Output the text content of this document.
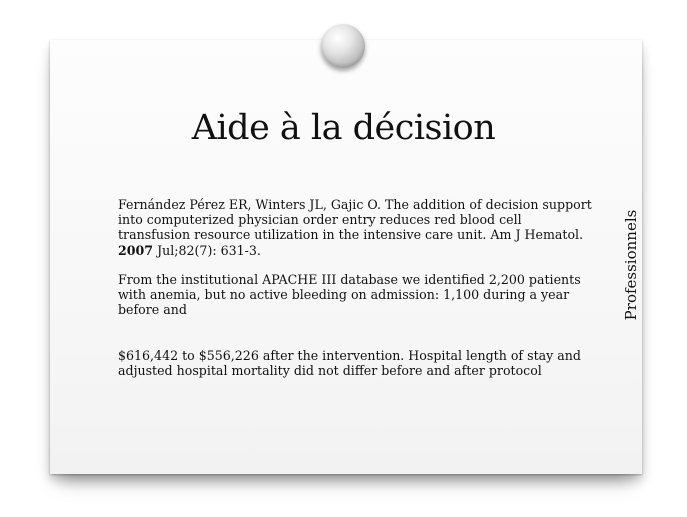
Aide à la décision
Fernández Pérez ER, Winters JL, Gajic O. The addition of decision support into computerized physician order entry reduces red blood cell transfusion resource utilization in the intensive care unit. Am J Hematol. 2007 Jul;82(7): 631-3.
From the institutional APACHE III database we identified 2,200 patients with anemia, but no active bleeding on admission: 1,100 during a year before and
$616,442 to $556,226 after the intervention. Hospital length of stay and adjusted hospital mortality did not differ before and after protocol
Professionnels
